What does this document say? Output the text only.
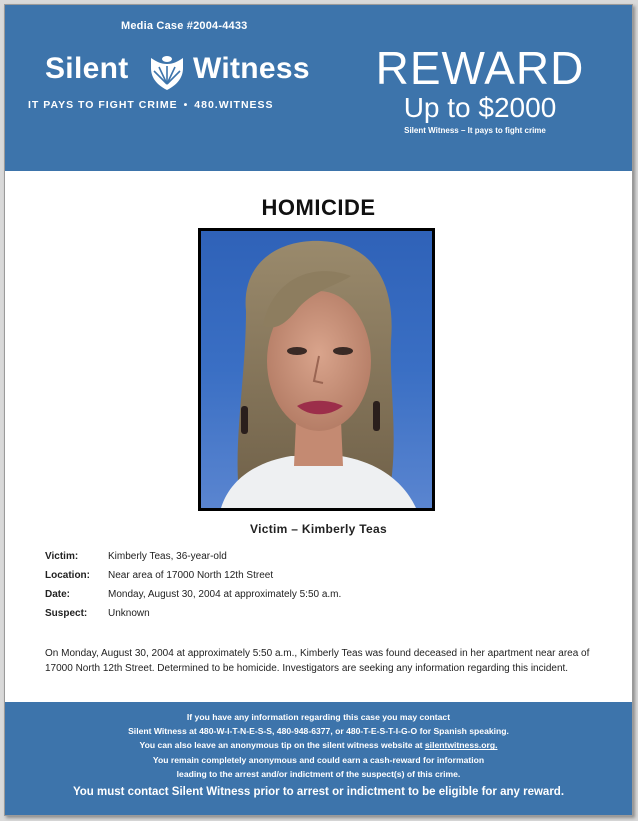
Media Case #2004-4433
Silent Witness
IT PAYS TO FIGHT CRIME • 480.WITNESS
REWARD
Up to $2000
Silent Witness – It pays to fight crime
HOMICIDE
Victim – Kimberly Teas
Victim:	Kimberly Teas, 36-year-old
Location: Near area of 17000 North 12th Street
Date:	Monday, August 30, 2004 at approximately 5:50 a.m.
Suspect: Unknown
On Monday, August 30, 2004 at approximately 5:50 a.m., Kimberly Teas was found deceased in her apartment near area of 17000 North 12th Street. Determined to be homicide. Investigators are seeking any information regarding this incident.
If you have any information regarding this case you may contact
Silent Witness at 480-W-I-T-N-E-S-S, 480-948-6377, or 480-T-E-S-T-I-G-O for Spanish speaking.
You can also leave an anonymous tip on the silent witness website at silentwitness.org.
You remain completely anonymous and could earn a cash-reward for information
leading to the arrest and/or indictment of the suspect(s) of this crime.
You must contact Silent Witness prior to arrest or indictment to be eligible for any reward.
